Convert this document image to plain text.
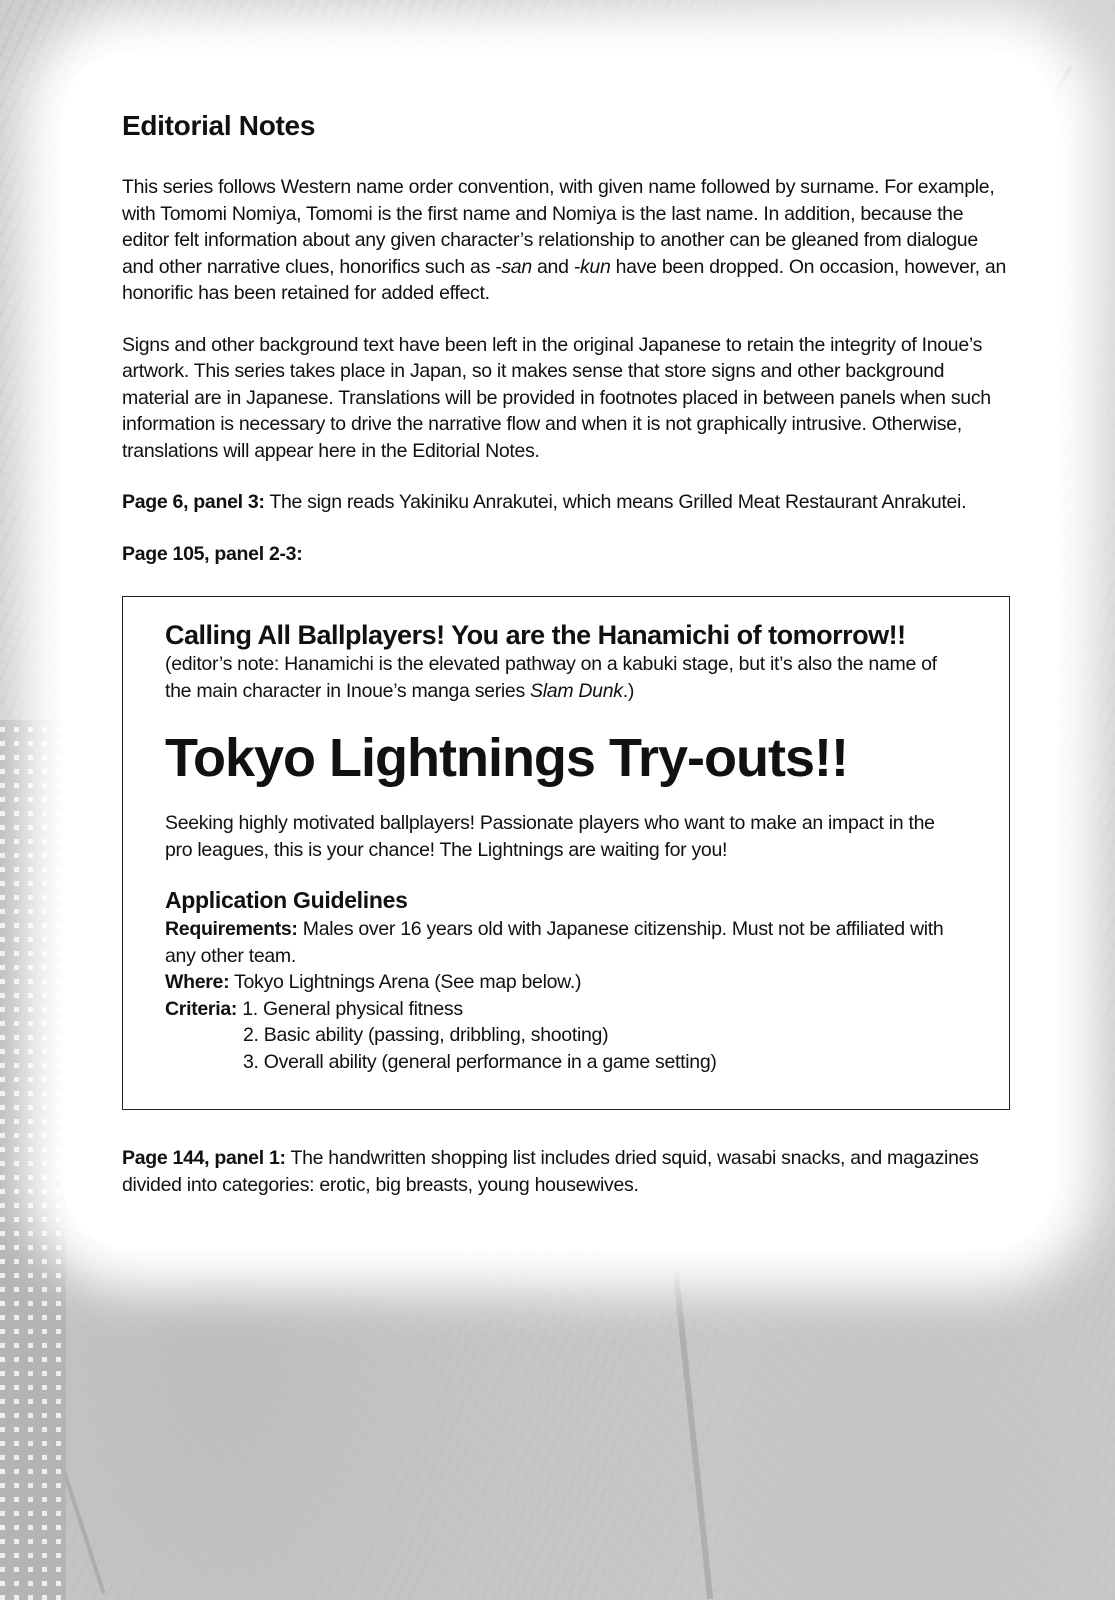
Editorial Notes

This series follows Western name order convention, with given name followed by surname. For example, with Tomomi Nomiya, Tomomi is the first name and Nomiya is the last name. In addition, because the editor felt information about any given character’s relationship to another can be gleaned from dialogue and other narrative clues, honorifics such as -san and -kun have been dropped. On occasion, however, an honorific has been retained for added effect.

Signs and other background text have been left in the original Japanese to retain the integrity of Inoue’s artwork. This series takes place in Japan, so it makes sense that store signs and other background material are in Japanese. Translations will be provided in footnotes placed in between panels when such information is necessary to drive the narrative flow and when it is not graphically intrusive. Otherwise, translations will appear here in the Editorial Notes.

Page 6, panel 3: The sign reads Yakiniku Anrakutei, which means Grilled Meat Restaurant Anrakutei.

Page 105, panel 2-3:

Calling All Ballplayers! You are the Hanamichi of tomorrow!!

(editor’s note: Hanamichi is the elevated pathway on a kabuki stage, but it’s also the name of the main character in Inoue’s manga series Slam Dunk.)

Tokyo Lightnings Try-outs!!

Seeking highly motivated ballplayers! Passionate players who want to make an impact in the pro leagues, this is your chance! The Lightnings are waiting for you!

Application Guidelines

Requirements: Males over 16 years old with Japanese citizenship. Must not be affiliated with any other team.

Where: Tokyo Lightnings Arena (See map below.)

Criteria: 1. General physical fitness

2. Basic ability (passing, dribbling, shooting)

3. Overall ability (general performance in a game setting)

Page 144, panel 1: The handwritten shopping list includes dried squid, wasabi snacks, and magazines divided into categories: erotic, big breasts, young housewives.
